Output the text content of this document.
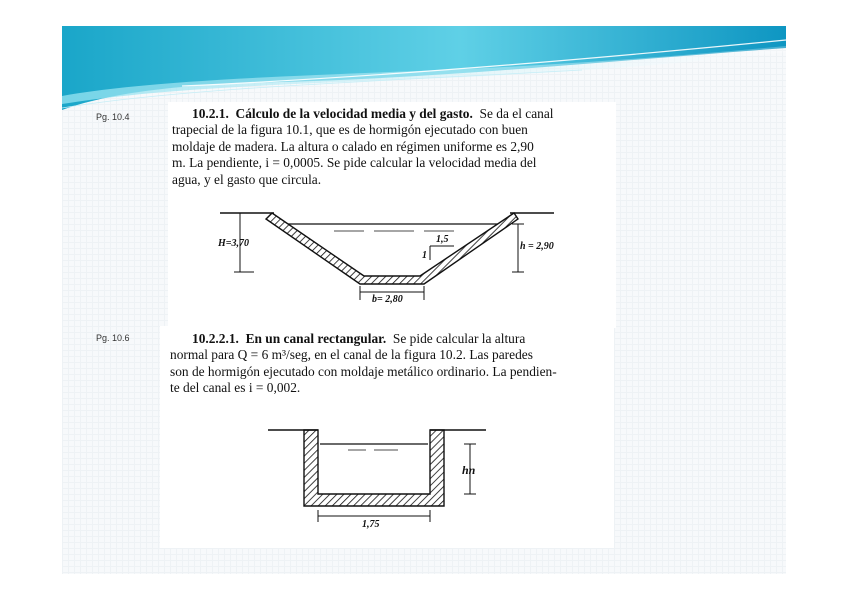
Pg. 10.4	10.2.1. Cálculo de la velocidad media y del gasto. Se da el canal
trapecial de la figura 10.1, que es de hormigón ejecutado con buen
moldaje de madera. La altura o calado en régimen uniforme es 2,90
m. La pendiente, i = 0,0005. Se pide calcular la velocidad media del
agua, y el gasto que circula.
H=3,70	1,5
1
h = 2,90
b= 2,80
Pg. 10.6	10.2.2.1. En un canal rectangular. Se pide calcular la altura
normal para Q = 6 m³/seg, en el canal de la figura 10.2. Las paredes
son de hormigón ejecutado con moldaje metálico ordinario. La pendien-
te del canal es i = 0,002.
hn
1,75
